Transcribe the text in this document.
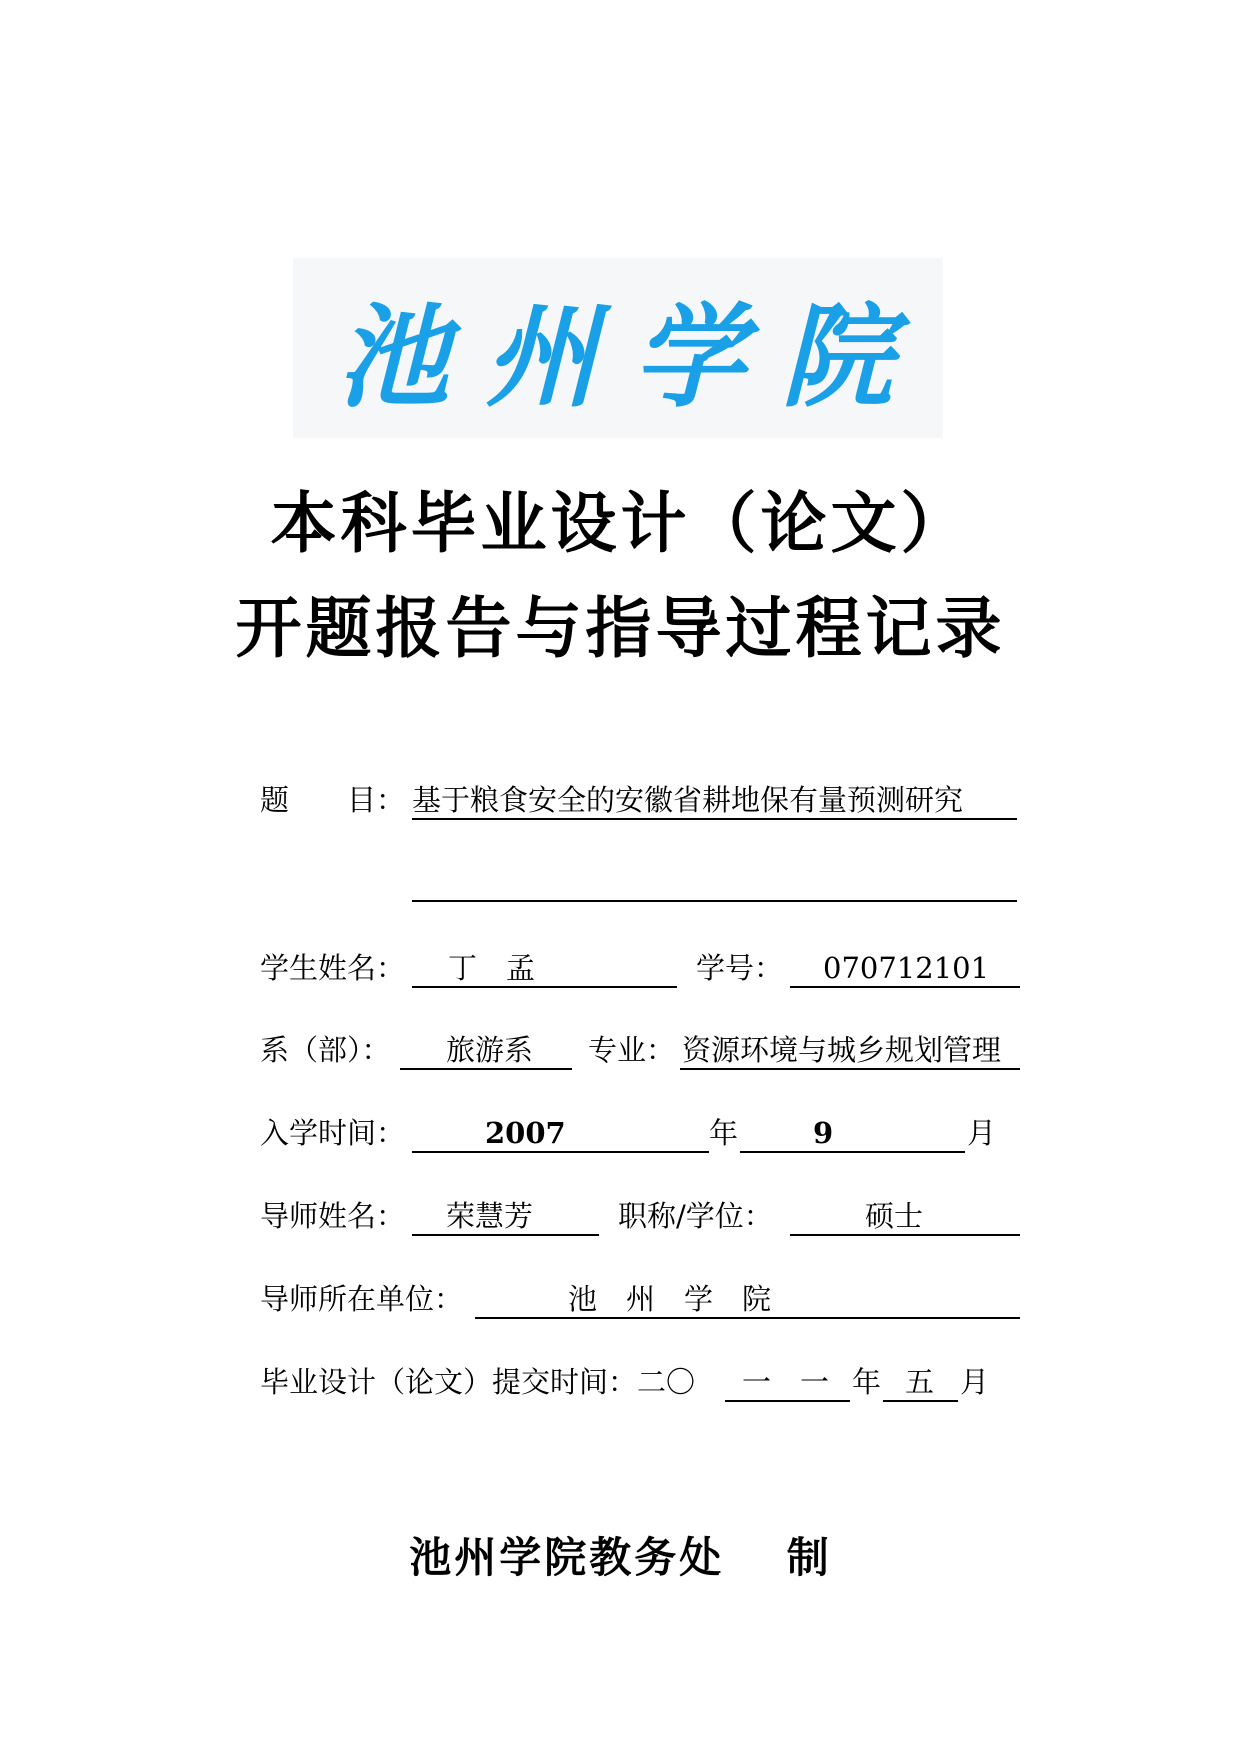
池州学院
本科毕业设计（论文）
开题报告与指导过程记录
题　　目： 基于粮食安全的安徽省耕地保有量预测研究
学生姓名： 丁　孟	学号： 070712101
系（部）： 旅游系 专业： 资源环境与城乡规划管理
入学时间：	2007	年	9	月
导师姓名： 荣慧芳	职称/学位：	硕士
导师所在单位：	池　州　学　院
毕业设计（论文）提交时间：二〇 一　一 年 五 月
池州学院教务处　 制
